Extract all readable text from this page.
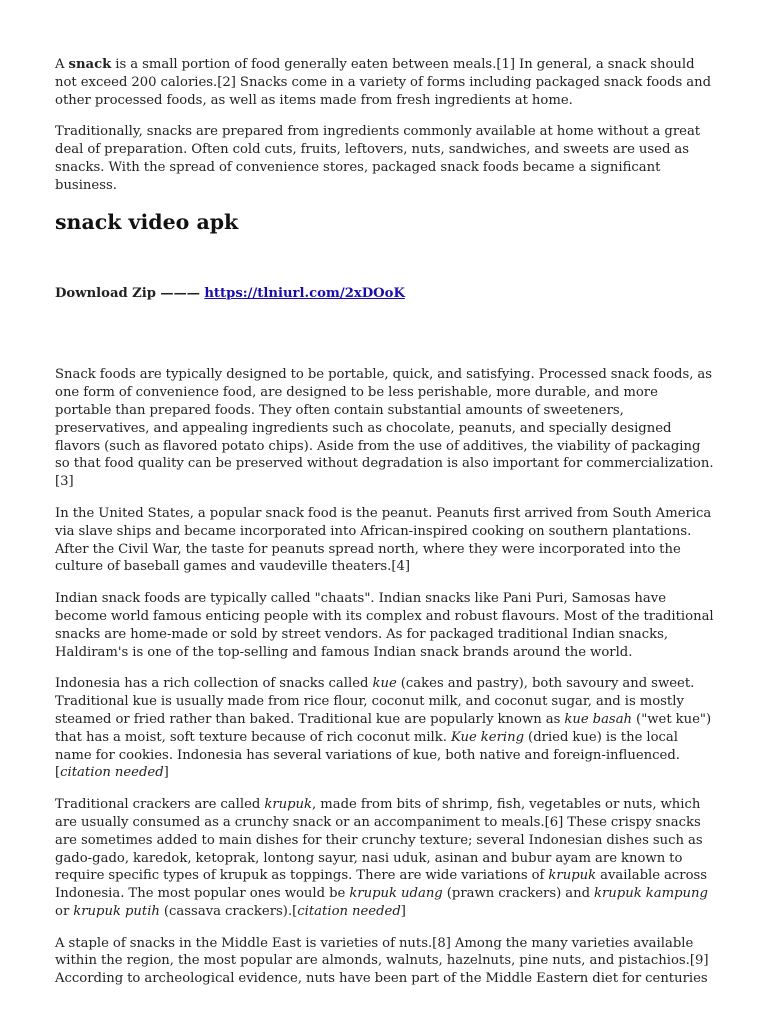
A snack is a small portion of food generally eaten between meals.[1] In general, a snack should not exceed 200 calories.[2] Snacks come in a variety of forms including packaged snack foods and other processed foods, as well as items made from fresh ingredients at home.

Traditionally, snacks are prepared from ingredients commonly available at home without a great deal of preparation. Often cold cuts, fruits, leftovers, nuts, sandwiches, and sweets are used as snacks. With the spread of convenience stores, packaged snack foods became a significant business.

snack video apk

Download Zip ——— https://tlniurl.com/2xDOoK

Snack foods are typically designed to be portable, quick, and satisfying. Processed snack foods, as one form of convenience food, are designed to be less perishable, more durable, and more portable than prepared foods. They often contain substantial amounts of sweeteners, preservatives, and appealing ingredients such as chocolate, peanuts, and specially designed flavors (such as flavored potato chips). Aside from the use of additives, the viability of packaging so that food quality can be preserved without degradation is also important for commercialization.[3]

In the United States, a popular snack food is the peanut. Peanuts first arrived from South America via slave ships and became incorporated into African-inspired cooking on southern plantations. After the Civil War, the taste for peanuts spread north, where they were incorporated into the culture of baseball games and vaudeville theaters.[4]

Indian snack foods are typically called "chaats". Indian snacks like Pani Puri, Samosas have become world famous enticing people with its complex and robust flavours. Most of the traditional snacks are home-made or sold by street vendors. As for packaged traditional Indian snacks, Haldiram's is one of the top-selling and famous Indian snack brands around the world.

Indonesia has a rich collection of snacks called kue (cakes and pastry), both savoury and sweet. Traditional kue is usually made from rice flour, coconut milk, and coconut sugar, and is mostly steamed or fried rather than baked. Traditional kue are popularly known as kue basah ("wet kue") that has a moist, soft texture because of rich coconut milk. Kue kering (dried kue) is the local name for cookies. Indonesia has several variations of kue, both native and foreign-influenced.[citation needed]

Traditional crackers are called krupuk, made from bits of shrimp, fish, vegetables or nuts, which are usually consumed as a crunchy snack or an accompaniment to meals.[6] These crispy snacks are sometimes added to main dishes for their crunchy texture; several Indonesian dishes such as gado-gado, karedok, ketoprak, lontong sayur, nasi uduk, asinan and bubur ayam are known to require specific types of krupuk as toppings. There are wide variations of krupuk available across Indonesia. The most popular ones would be krupuk udang (prawn crackers) and krupuk kampung or krupuk putih (cassava crackers).[citation needed]

A staple of snacks in the Middle East is varieties of nuts.[8] Among the many varieties available within the region, the most popular are almonds, walnuts, hazelnuts, pine nuts, and pistachios.[9] According to archeological evidence, nuts have been part of the Middle Eastern diet for centuries
